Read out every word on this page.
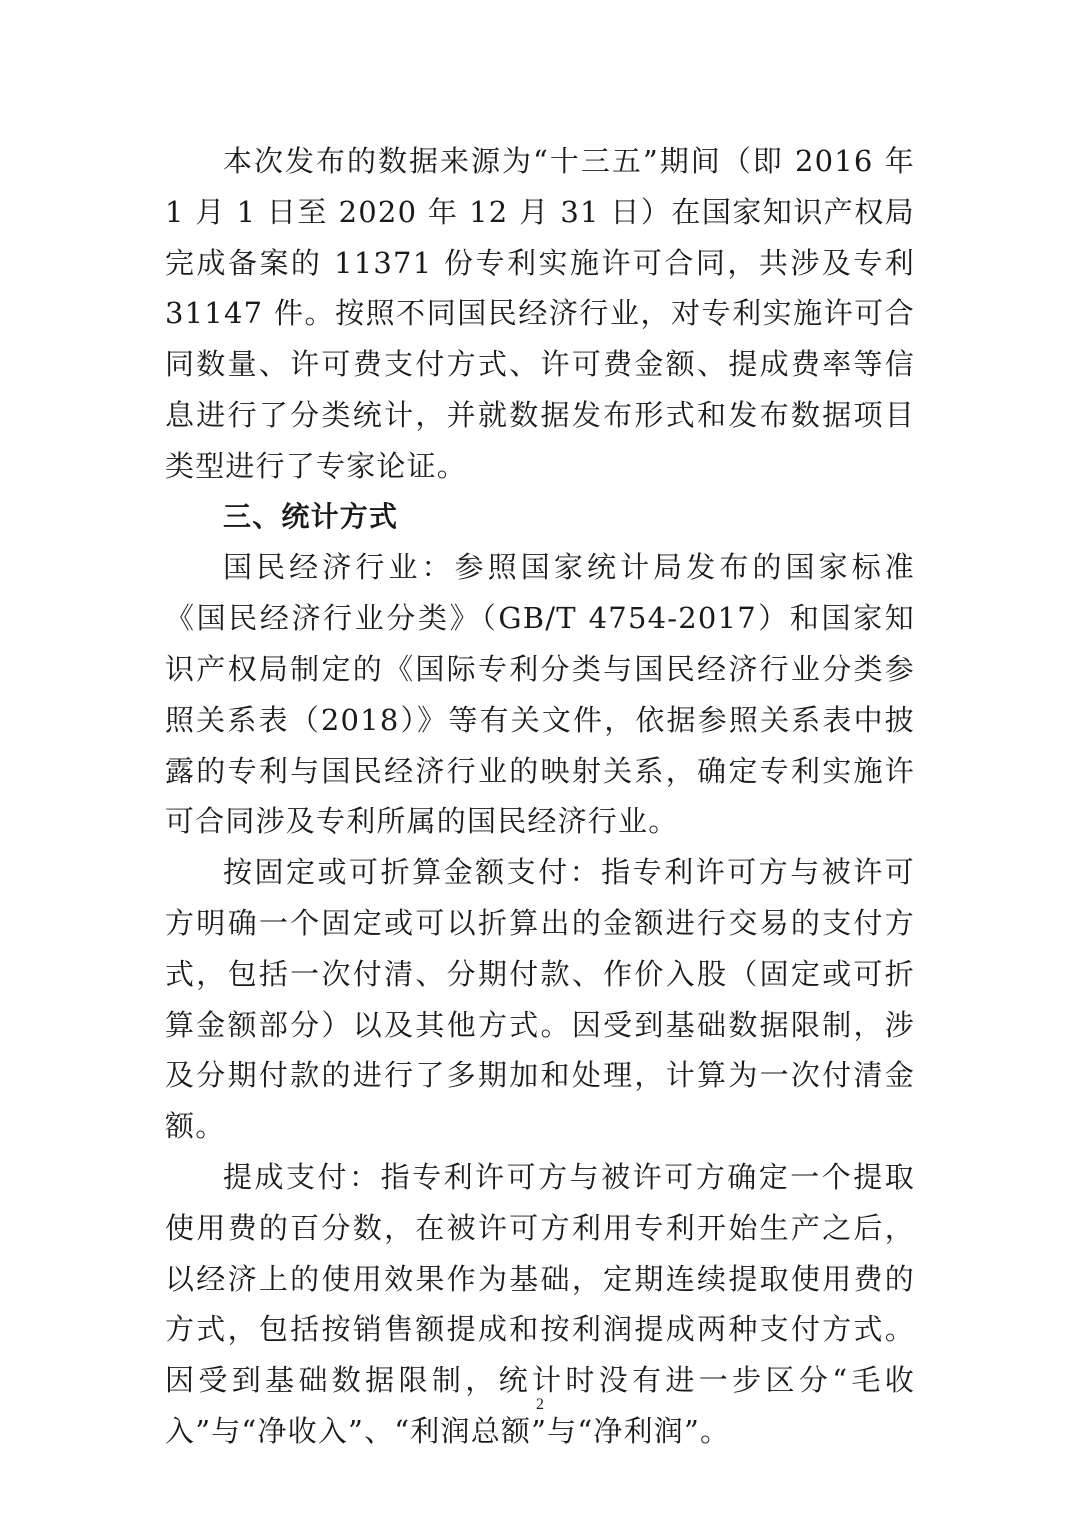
本次发布的数据来源为“十三五”期间（即 2016 年 1 月 1 日至 2020 年 12 月 31 日）在国家知识产权局完成备案的 11371 份专利实施许可合同，共涉及专利 31147 件。按照不同国民经济行业，对专利实施许可合同数量、许可费支付方式、许可费金额、提成费率等信息进行了分类统计，并就数据发布形式和发布数据项目类型进行了专家论证。

三、统计方式

国民经济行业：参照国家统计局发布的国家标准《国民经济行业分类》（GB/T 4754-2017）和国家知识产权局制定的《国际专利分类与国民经济行业分类参照关系表（2018）》等有关文件，依据参照关系表中披露的专利与国民经济行业的映射关系，确定专利实施许可合同涉及专利所属的国民经济行业。

按固定或可折算金额支付：指专利许可方与被许可方明确一个固定或可以折算出的金额进行交易的支付方式，包括一次付清、分期付款、作价入股（固定或可折算金额部分）以及其他方式。因受到基础数据限制，涉及分期付款的进行了多期加和处理，计算为一次付清金额。

提成支付：指专利许可方与被许可方确定一个提取使用费的百分数，在被许可方利用专利开始生产之后，以经济上的使用效果作为基础，定期连续提取使用费的方式，包括按销售额提成和按利润提成两种支付方式。因受到基础数据限制，统计时没有进一步区分“毛收入”与“净收入”、“利润总额”与“净利润”。

2
